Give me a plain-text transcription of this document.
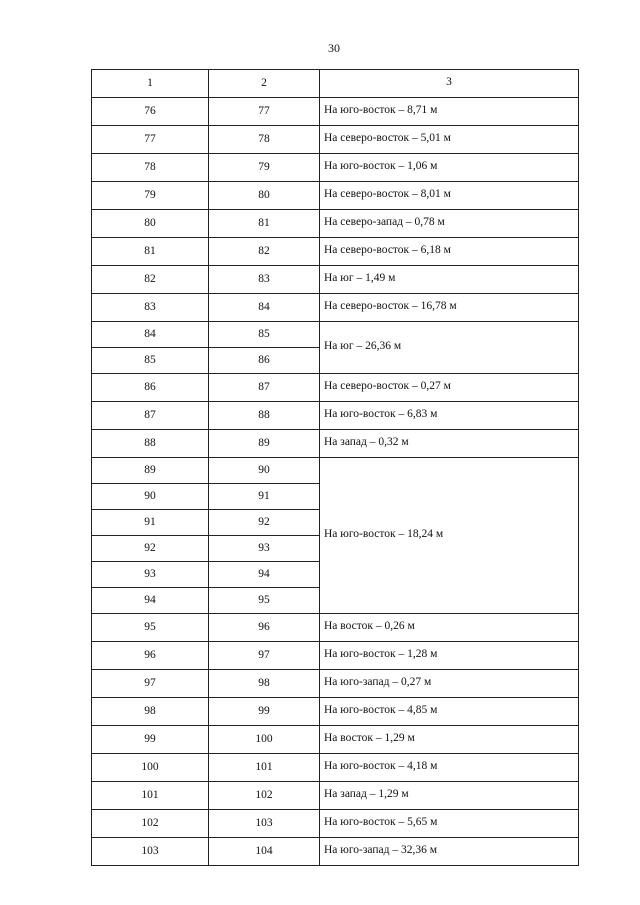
30
1	2	3
76	77	На юго-восток – 8,71 м
77	78	На северо-восток – 5,01 м
78	79	На юго-восток – 1,06 м
79	80	На северо-восток – 8,01 м
80	81	На северо-запад – 0,78 м
81	82	На северо-восток – 6,18 м
82	83	На юг – 1,49 м
83	84	На северо-восток – 16,78 м
84	85	На юг – 26,36 м
85	86	
86	87	На северо-восток – 0,27 м
87	88	На юго-восток – 6,83 м
88	89	На запад – 0,32 м
89	90	На юго-восток – 18,24 м
90	91	
91	92	
92	93	
93	94	
94	95	
95	96	На восток – 0,26 м
96	97	На юго-восток – 1,28 м
97	98	На юго-запад – 0,27 м
98	99	На юго-восток – 4,85 м
99	100	На восток – 1,29 м
100	101	На юго-восток – 4,18 м
101	102	На запад – 1,29 м
102	103	На юго-восток – 5,65 м
103	104	На юго-запад – 32,36 м
